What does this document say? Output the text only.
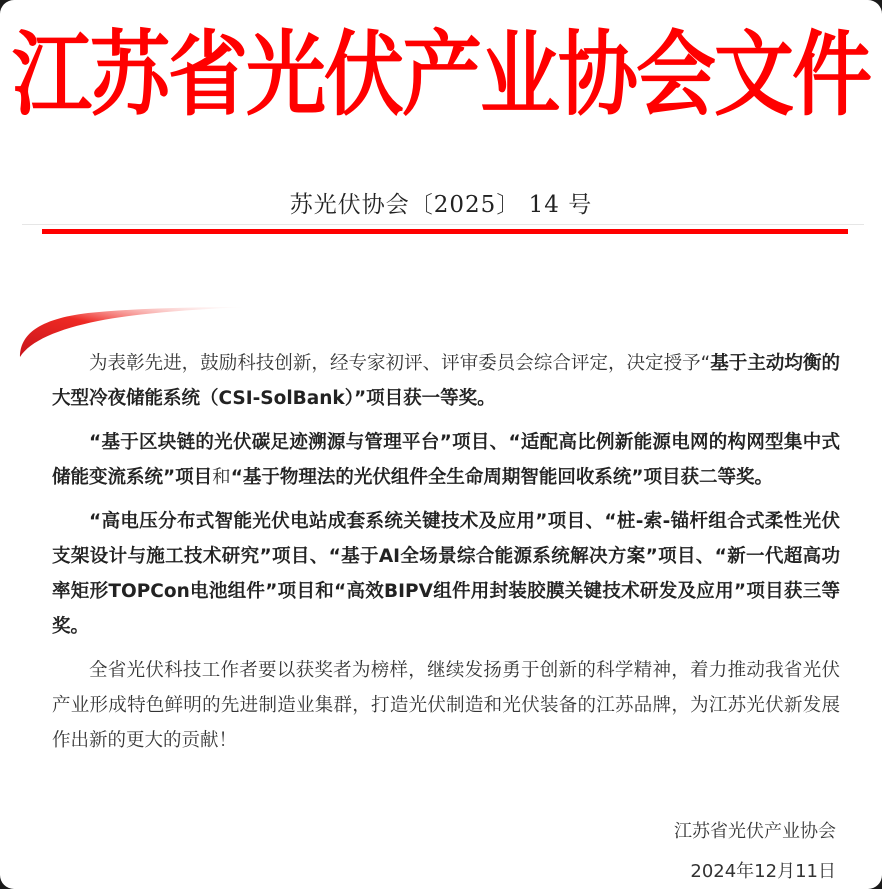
江苏省光伏产业协会文件
苏光伏协会〔2025〕 14 号

为表彰先进，鼓励科技创新，经专家初评、评审委员会综合评定，决定授予“基于主动均衡的大型冷夜储能系统（CSI-SolBank）”项目获一等奖。

“基于区块链的光伏碳足迹溯源与管理平台”项目、“适配高比例新能源电网的构网型集中式储能变流系统”项目和“基于物理法的光伏组件全生命周期智能回收系统”项目获二等奖。

“高电压分布式智能光伏电站成套系统关键技术及应用”项目、“桩-索-锚杆组合式柔性光伏支架设计与施工技术研究”项目、“基于AI全场景综合能源系统解决方案”项目、“新一代超高功率矩形TOPCon电池组件”项目和“高效BIPV组件用封装胶膜关键技术研发及应用”项目获三等奖。

全省光伏科技工作者要以获奖者为榜样，继续发扬勇于创新的科学精神，着力推动我省光伏产业形成特色鲜明的先进制造业集群，打造光伏制造和光伏装备的江苏品牌，为江苏光伏新发展作出新的更大的贡献！

江苏省光伏产业协会
2024年12月11日
